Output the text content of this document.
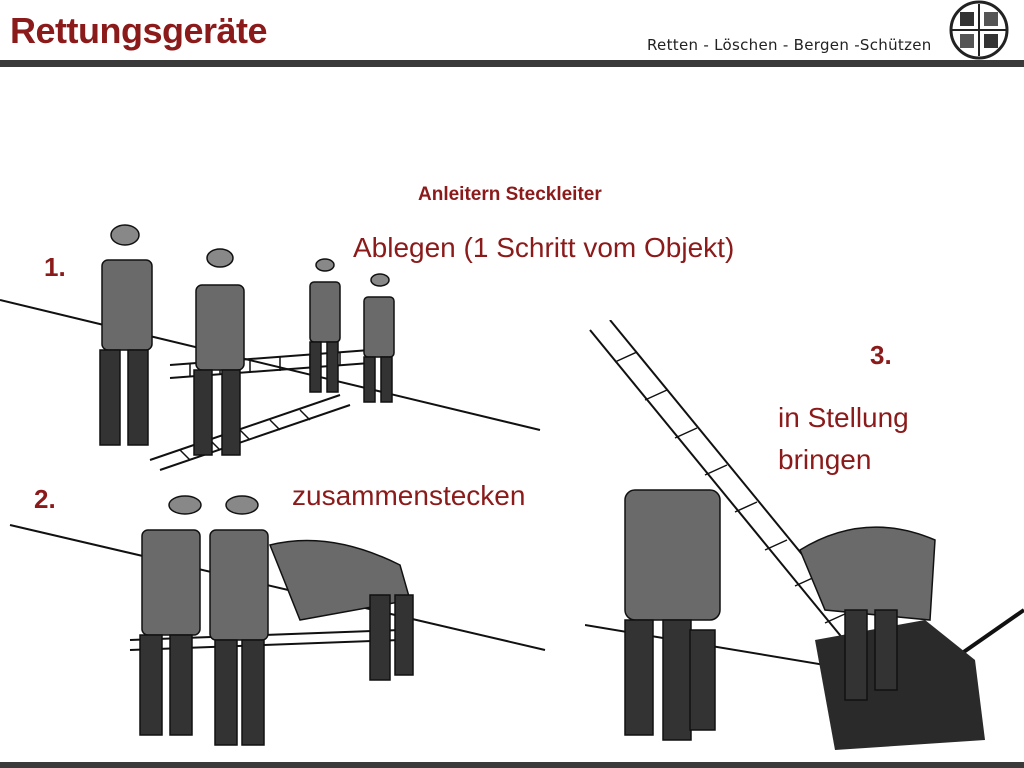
Rettungsgeräte	Retten - Löschen - Bergen -Schützen
Anleitern Steckleiter
1.
Ablegen (1 Schritt vom Objekt)
2.	zusammenstecken
3.
in Stellung
bringen
